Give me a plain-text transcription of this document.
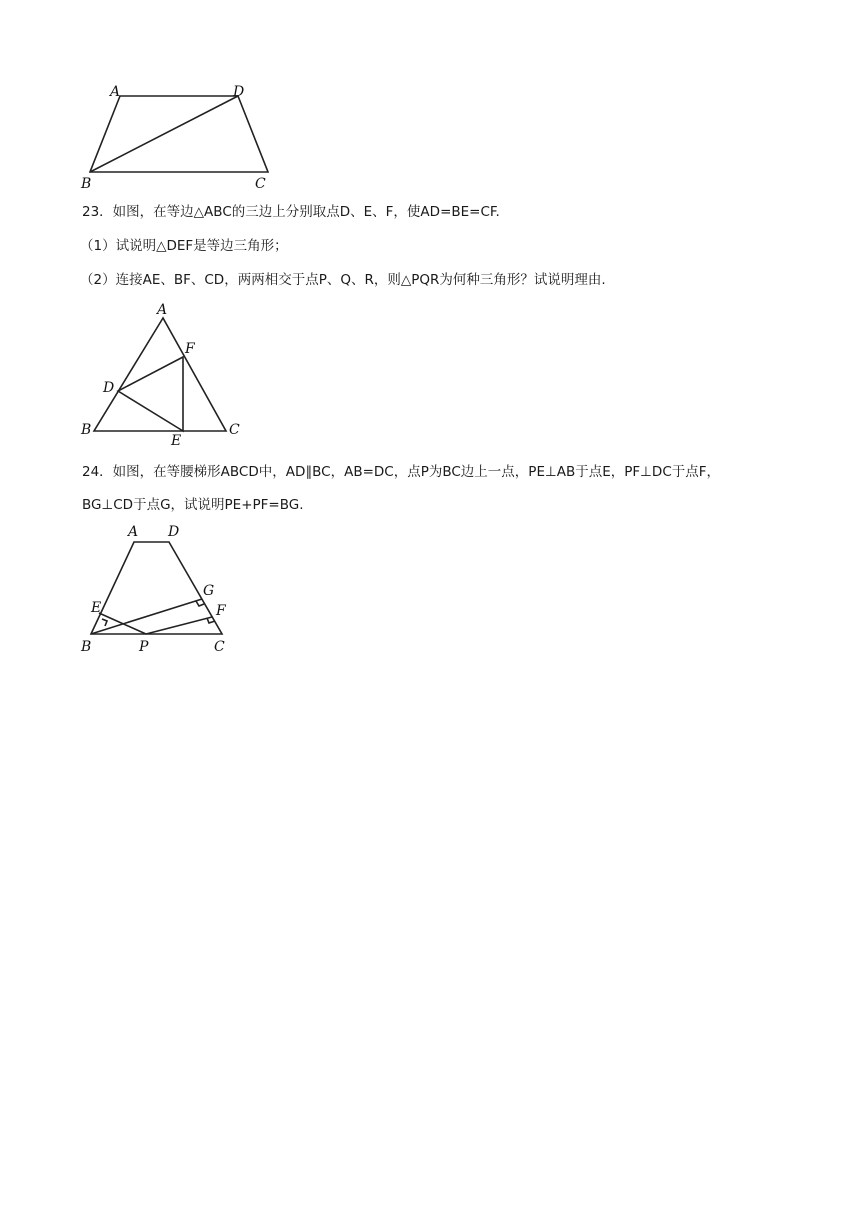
A	D
B	C
23．如图，在等边△ABC的三边上分别取点D、E、F，使AD=BE=CF.
（1）试说明△DEF是等边三角形；
（2）连接AE、BF、CD，两两相交于点P、Q、R，则△PQR为何种三角形？试说明理由.
A
F
D
B
E
C
24．如图，在等腰梯形ABCD中，AD∥BC，AB=DC，点P为BC边上一点，PE⊥AB于点E，PF⊥DC于点F，
BG⊥CD于点G，试说明PE+PF=BG.
A D
G
E	F
B	P	C
